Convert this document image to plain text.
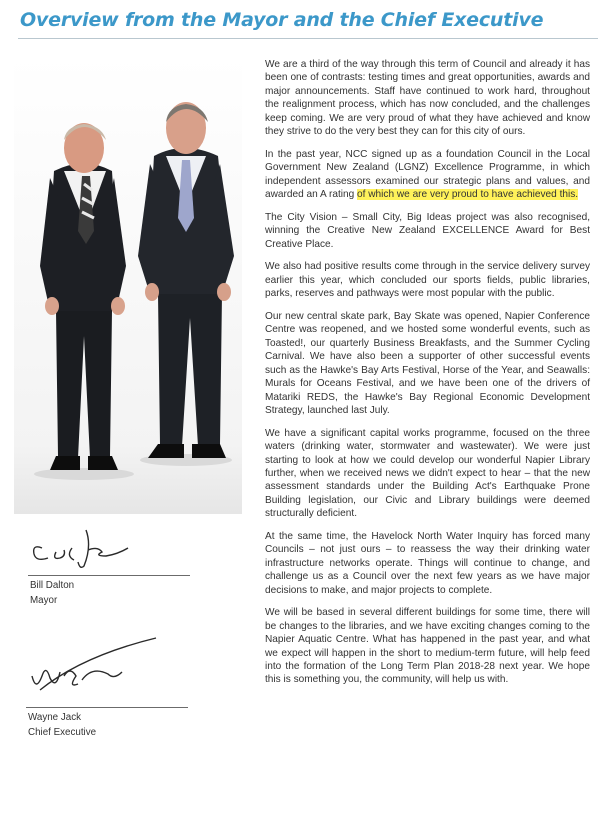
Overview from the Mayor and the Chief Executive

We are a third of the way through this term of Council and already it has been one of contrasts: testing times and great opportunities, awards and major announcements. Staff have continued to work hard, throughout the realignment process, which has now concluded, and the challenges keep coming. We are very proud of what they have achieved and know they strive to do the very best they can for this city of ours.

In the past year, NCC signed up as a foundation Council in the Local Government New Zealand (LGNZ) Excellence Programme, in which independent assessors examined our strategic plans and values, and awarded an A rating of which we are very proud to have achieved this.

The City Vision – Small City, Big Ideas project was also recognised, winning the Creative New Zealand EXCELLENCE Award for Best Creative Place.

We also had positive results come through in the service delivery survey earlier this year, which concluded our sports fields, public libraries, parks, reserves and pathways were most popular with the public.

Our new central skate park, Bay Skate was opened, Napier Conference Centre was reopened, and we hosted some wonderful events, such as Toasted!, our quarterly Business Breakfasts, and the Summer Cycling Carnival. We have also been a supporter of other successful events such as the Hawke's Bay Arts Festival, Horse of the Year, and Seawalls: Murals for Oceans Festival, and we have been one of the drivers of Matariki REDS, the Hawke's Bay Regional Economic Development Strategy, launched last July.

We have a significant capital works programme, focused on the three waters (drinking water, stormwater and wastewater). We were just starting to look at how we could develop our wonderful Napier Library further, when we received news we didn't expect to hear – that the new assessment standards under the Building Act's Earthquake Prone Building legislation, our Civic and Library buildings were deemed structurally deficient.

At the same time, the Havelock North Water Inquiry has forced many Councils – not just ours – to reassess the way their drinking water infrastructure networks operate. Things will continue to change, and challenge us as a Council over the next few years as we have major decisions to make, and major projects to complete.

We will be based in several different buildings for some time, there will be changes to the libraries, and we have exciting changes coming to the Napier Aquatic Centre. What has happened in the past year, and what we expect will happen in the short to medium-term future, will help feed into the formation of the Long Term Plan 2018-28 next year. We hope this is something you, the community, will help us with.

Bill Dalton
Mayor
Wayne Jack
Chief Executive
